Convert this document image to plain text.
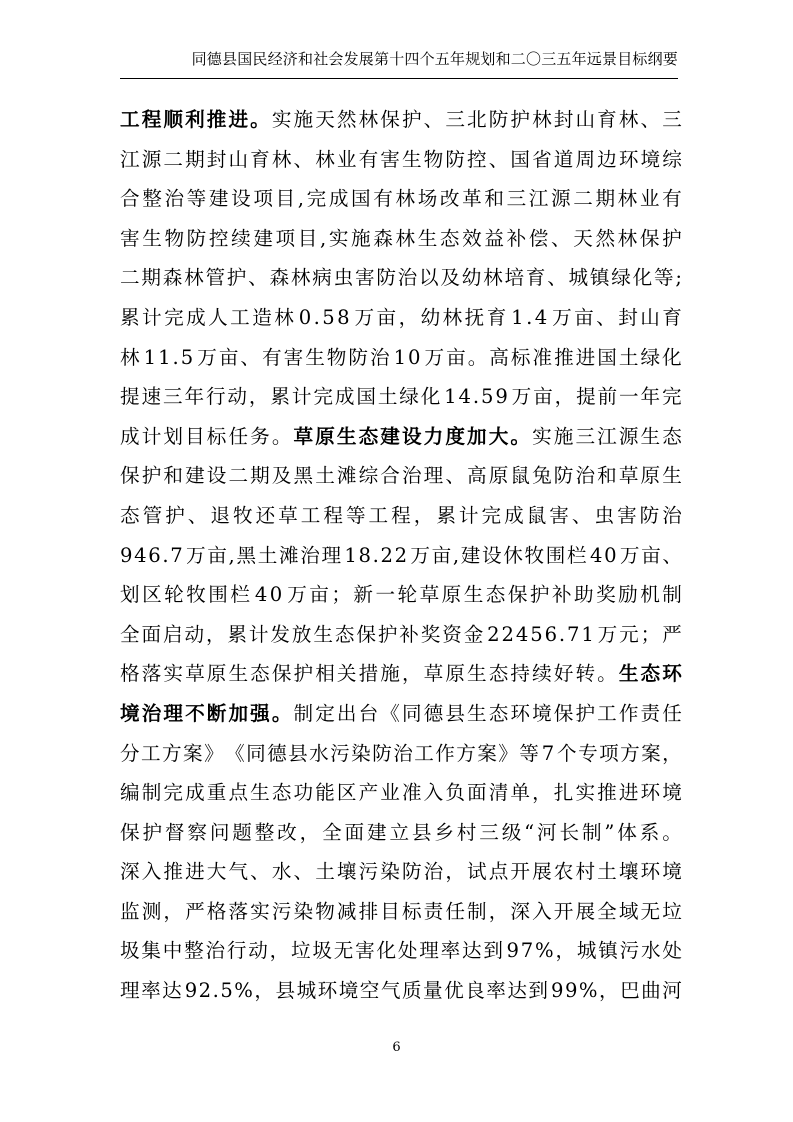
同德县国民经济和社会发展第十四个五年规划和二〇三五年远景目标纲要
工 程 顺 利 推 进 。 实 施 天 然 林 保 护 、 三 北 防 护 林 封 山 育 林 、 三
江 源 二 期 封 山 育 林 、 林 业 有 害 生 物 防 控 、 国 省 道 周 边 环 境 综
合 整 治 等 建 设 项 目 , 完 成 国 有 林 场 改 革 和 三 江 源 二 期 林 业 有
害 生 物 防 控 续 建 项 目 , 实 施 森 林 生 态 效 益 补 偿 、 天 然 林 保 护
二 期 森 林 管 护 、 森 林 病 虫 害 防 治 以 及 幼 林 培 育 、 城 镇 绿 化 等 ;
累 计 完 成 人 工 造 林 0 . 5 8 万 亩 ， 幼 林 抚 育 1 . 4 万 亩 、 封 山 育
林 1 1 . 5 万 亩 、 有 害 生 物 防 治 1 0 万 亩 。 高 标 准 推 进 国 土 绿 化
提 速 三 年 行 动 ， 累 计 完 成 国 土 绿 化 1 4 . 5 9 万 亩 ， 提 前 一 年 完
成 计 划 目 标 任 务 。 草 原 生 态 建 设 力 度 加 大 。 实 施 三 江 源 生 态
保 护 和 建 设 二 期 及 黑 土 滩 综 合 治 理 、 高 原 鼠 兔 防 治 和 草 原 生
态 管 护 、 退 牧 还 草 工 程 等 工 程 ， 累 计 完 成 鼠 害 、 虫 害 防 治
9 4 6 . 7 万 亩 , 黑 土 滩 治 理 1 8 . 2 2 万 亩 , 建 设 休 牧 围 栏 4 0 万 亩 、
划 区 轮 牧 围 栏 4 0 万 亩 ； 新 一 轮 草 原 生 态 保 护 补 助 奖 励 机 制
全 面 启 动 ， 累 计 发 放 生 态 保 护 补 奖 资 金 2 2 4 5 6 . 7 1 万 元 ； 严
格 落 实 草 原 生 态 保 护 相 关 措 施 ， 草 原 生 态 持 续 好 转 。 生 态 环
境 治 理 不 断 加 强 。 制 定 出 台 《 同 德 县 生 态 环 境 保 护 工 作 责 任
分 工 方 案 》 《 同 德 县 水 污 染 防 治 工 作 方 案 》 等 7 个 专 项 方 案 ，
编 制 完 成 重 点 生 态 功 能 区 产 业 准 入 负 面 清 单 ， 扎 实 推 进 环 境
保 护 督 察 问 题 整 改 ， 全 面 建 立 县 乡 村 三 级 “ 河 长 制 ” 体 系 。
深 入 推 进 大 气 、 水 、 土 壤 污 染 防 治 ， 试 点 开 展 农 村 土 壤 环 境
监 测 ， 严 格 落 实 污 染 物 减 排 目 标 责 任 制 ， 深 入 开 展 全 域 无 垃
圾 集 中 整 治 行 动 ， 垃 圾 无 害 化 处 理 率 达 到 9 7 % ， 城 镇 污 水 处
理 率 达 9 2 . 5 % ， 县 城 环 境 空 气 质 量 优 良 率 达 到 9 9 % ， 巴 曲 河
6
